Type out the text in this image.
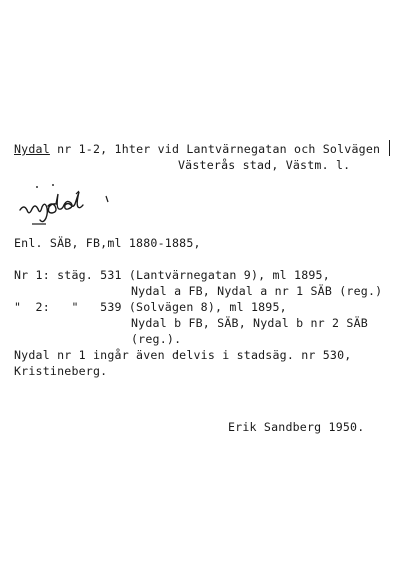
Nydal nr 1-2, 1hter vid Lantvärnegatan och Solvägen
Västerås stad, Västm. l.
Enl. SÄB, FB,ml 1880-1885,
Nr 1: stäg. 531 (Lantvärnegatan 9), ml 1895,
Nydal a FB, Nydal a nr 1 SÄB (reg.)
"  2:   "   539 (Solvägen 8), ml 1895,
Nydal b FB, SÄB, Nydal b nr 2 SÄB
(reg.).
Nydal nr 1 ingår även delvis i stadsäg. nr 530,
Kristineberg.
Erik Sandberg 1950.
